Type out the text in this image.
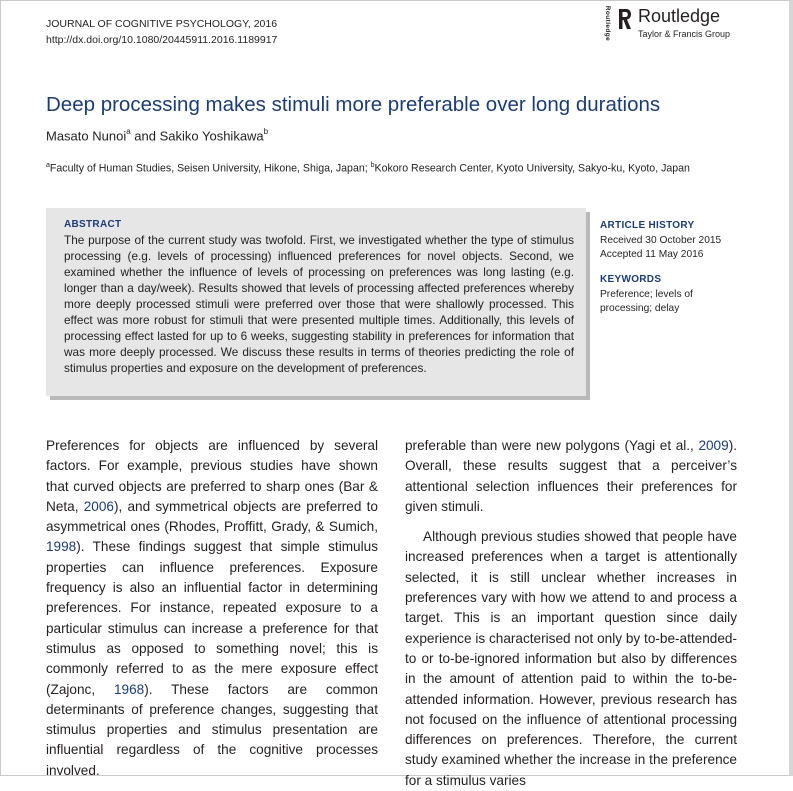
JOURNAL OF COGNITIVE PSYCHOLOGY, 2016
http://dx.doi.org/10.1080/20445911.2016.1189917	Routledge Routledge
Taylor & Francis Group
Deep processing makes stimuli more preferable over long durations
Masato Nunoi$^a$ and Sakiko Yoshikawa$^b$
$^a$Faculty of Human Studies, Seisen University, Hikone, Shiga, Japan; $^b$Kokoro Research Center, Kyoto University, Sakyo-ku, Kyoto, Japan
ABSTRACT
The purpose of the current study was twofold. First, we investigated whether the type of stimulus processing (e.g. levels of processing) influenced preferences for novel objects. Second, we examined whether the influence of levels of processing on preferences was long lasting (e.g. longer than a day/week). Results showed that levels of processing affected preferences whereby more deeply processed stimuli were preferred over those that were shallowly processed. This effect was more robust for stimuli that were presented multiple times. Additionally, this levels of processing effect lasted for up to 6 weeks, suggesting stability in preferences for information that was more deeply processed. We discuss these results in terms of theories predicting the role of stimulus properties and exposure on the development of preferences.
ARTICLE HISTORY
Received 30 October 2015
Accepted 11 May 2016
KEYWORDS
Preference; levels of
processing; delay

Preferences for objects are influenced by several factors. For example, previous studies have shown that curved objects are preferred to sharp ones (Bar & Neta, 2006), and symmetrical objects are preferred to asymmetrical ones (Rhodes, Proffitt, Grady, & Sumich, 1998). These findings suggest that simple stimulus properties can influence preferences. Exposure frequency is also an influential factor in determining preferences. For instance, repeated exposure to a particular stimulus can increase a preference for that stimulus as opposed to something novel; this is commonly referred to as the mere exposure effect (Zajonc, 1968). These factors are common determinants of preference changes, suggesting that stimulus properties and stimulus presentation are influential regardless of the cognitive processes involved.

preferable than were new polygons (Yagi et al., 2009). Overall, these results suggest that a perceiver’s attentional selection influences their preferences for given stimuli.

Although previous studies showed that people have increased preferences when a target is attentionally selected, it is still unclear whether increases in preferences vary with how we attend to and process a target. This is an important question since daily experience is characterised not only by to-be-attended-to or to-be-ignored information but also by differences in the amount of attention paid to within the to-be-attended information. However, previous research has not focused on the influence of attentional processing differences on preferences. Therefore, the current study examined whether the increase in the preference for a stimulus varies
